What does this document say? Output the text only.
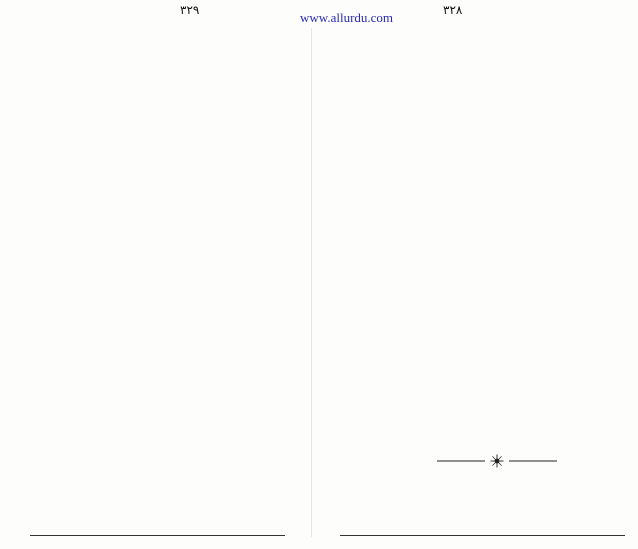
www.allurdu.com
۳۲۹	۳۲۸
